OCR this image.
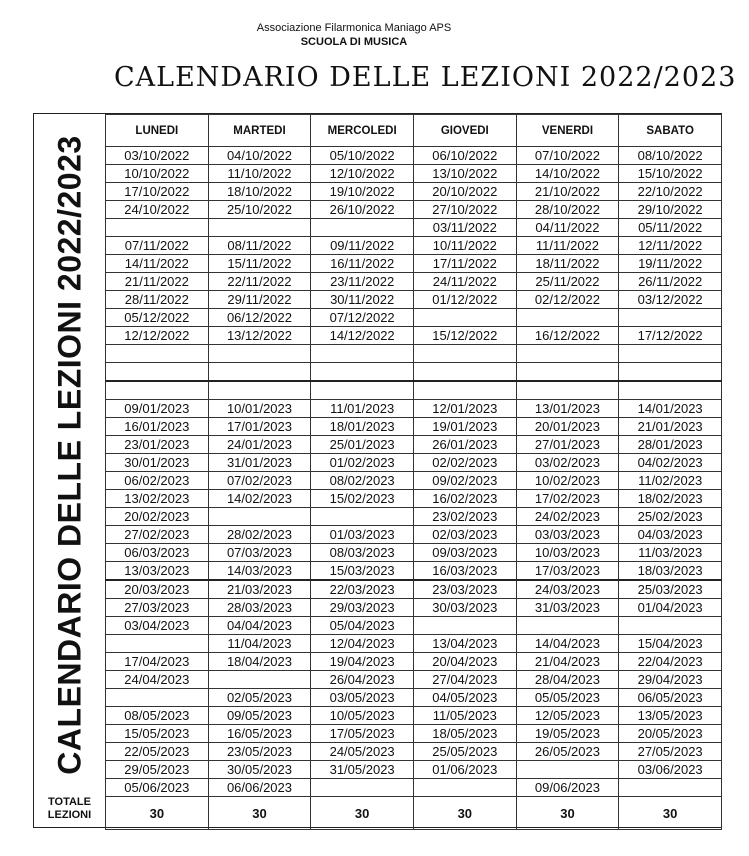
Associazione Filarmonica Maniago APS
SCUOLA DI MUSICA
CALENDARIO DELLE LEZIONI 2022/2023
CALENDARIO DELLE LEZIONI 2022/2023
TOTALE LEZIONI
LUNEDI	MARTEDI	MERCOLEDI	GIOVEDI	VENERDI	SABATO
03/10/2022	04/10/2022	05/10/2022	06/10/2022	07/10/2022	08/10/2022
10/10/2022	11/10/2022	12/10/2022	13/10/2022	14/10/2022	15/10/2022
17/10/2022	18/10/2022	19/10/2022	20/10/2022	21/10/2022	22/10/2022
24/10/2022	25/10/2022	26/10/2022	27/10/2022	28/10/2022	29/10/2022
			03/11/2022	04/11/2022	05/11/2022
07/11/2022	08/11/2022	09/11/2022	10/11/2022	11/11/2022	12/11/2022
14/11/2022	15/11/2022	16/11/2022	17/11/2022	18/11/2022	19/11/2022
21/11/2022	22/11/2022	23/11/2022	24/11/2022	25/11/2022	26/11/2022
28/11/2022	29/11/2022	30/11/2022	01/12/2022	02/12/2022	03/12/2022
05/12/2022	06/12/2022	07/12/2022			
12/12/2022	13/12/2022	14/12/2022	15/12/2022	16/12/2022	17/12/2022

09/01/2023	10/01/2023	11/01/2023	12/01/2023	13/01/2023	14/01/2023
16/01/2023	17/01/2023	18/01/2023	19/01/2023	20/01/2023	21/01/2023
23/01/2023	24/01/2023	25/01/2023	26/01/2023	27/01/2023	28/01/2023
30/01/2023	31/01/2023	01/02/2023	02/02/2023	03/02/2023	04/02/2023
06/02/2023	07/02/2023	08/02/2023	09/02/2023	10/02/2023	11/02/2023
13/02/2023	14/02/2023	15/02/2023	16/02/2023	17/02/2023	18/02/2023
20/02/2023			23/02/2023	24/02/2023	25/02/2023
27/02/2023	28/02/2023	01/03/2023	02/03/2023	03/03/2023	04/03/2023
06/03/2023	07/03/2023	08/03/2023	09/03/2023	10/03/2023	11/03/2023
13/03/2023	14/03/2023	15/03/2023	16/03/2023	17/03/2023	18/03/2023
20/03/2023	21/03/2023	22/03/2023	23/03/2023	24/03/2023	25/03/2023
27/03/2023	28/03/2023	29/03/2023	30/03/2023	31/03/2023	01/04/2023
03/04/2023	04/04/2023	05/04/2023			
	11/04/2023	12/04/2023	13/04/2023	14/04/2023	15/04/2023
17/04/2023	18/04/2023	19/04/2023	20/04/2023	21/04/2023	22/04/2023
24/04/2023		26/04/2023	27/04/2023	28/04/2023	29/04/2023
	02/05/2023	03/05/2023	04/05/2023	05/05/2023	06/05/2023
08/05/2023	09/05/2023	10/05/2023	11/05/2023	12/05/2023	13/05/2023
15/05/2023	16/05/2023	17/05/2023	18/05/2023	19/05/2023	20/05/2023
22/05/2023	23/05/2023	24/05/2023	25/05/2023	26/05/2023	27/05/2023
29/05/2023	30/05/2023	31/05/2023	01/06/2023		03/06/2023
05/06/2023	06/06/2023			09/06/2023	
30	30	30	30	30	30
